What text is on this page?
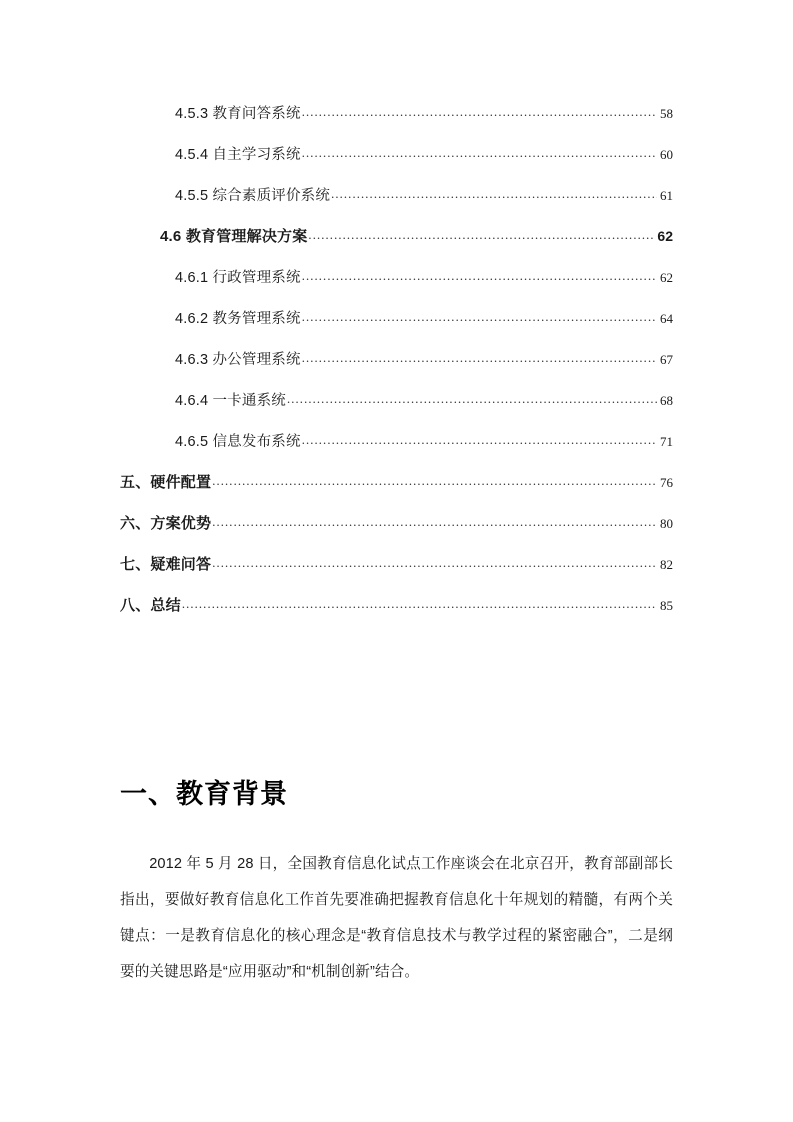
4.5.3 教育问答系统 .....	58
4.5.4 自主学习系统 .....	60
4.5.5 综合素质评价系统 .....	61
4.6 教育管理解决方案 .....	62
4.6.1 行政管理系统 .....	62
4.6.2 教务管理系统 .....	64
4.6.3 办公管理系统 .....	67
4.6.4 一卡通系统 .....	68
4.6.5 信息发布系统 .....	71
五、硬件配置 .....	76
六、方案优势 .....	80
七、疑难问答 .....	82
八、总结 .....	85
一、教育背景
2012 年 5 月 28 日，全国教育信息化试点工作座谈会在北京召开，教育部副部长指出，要做好教育信息化工作首先要准确把握教育信息化十年规划的精髓，有两个关键点：一是教育信息化的核心理念是“教育信息技术与教学过程的紧密融合”，二是纲要的关键思路是“应用驱动”和“机制创新”结合。
